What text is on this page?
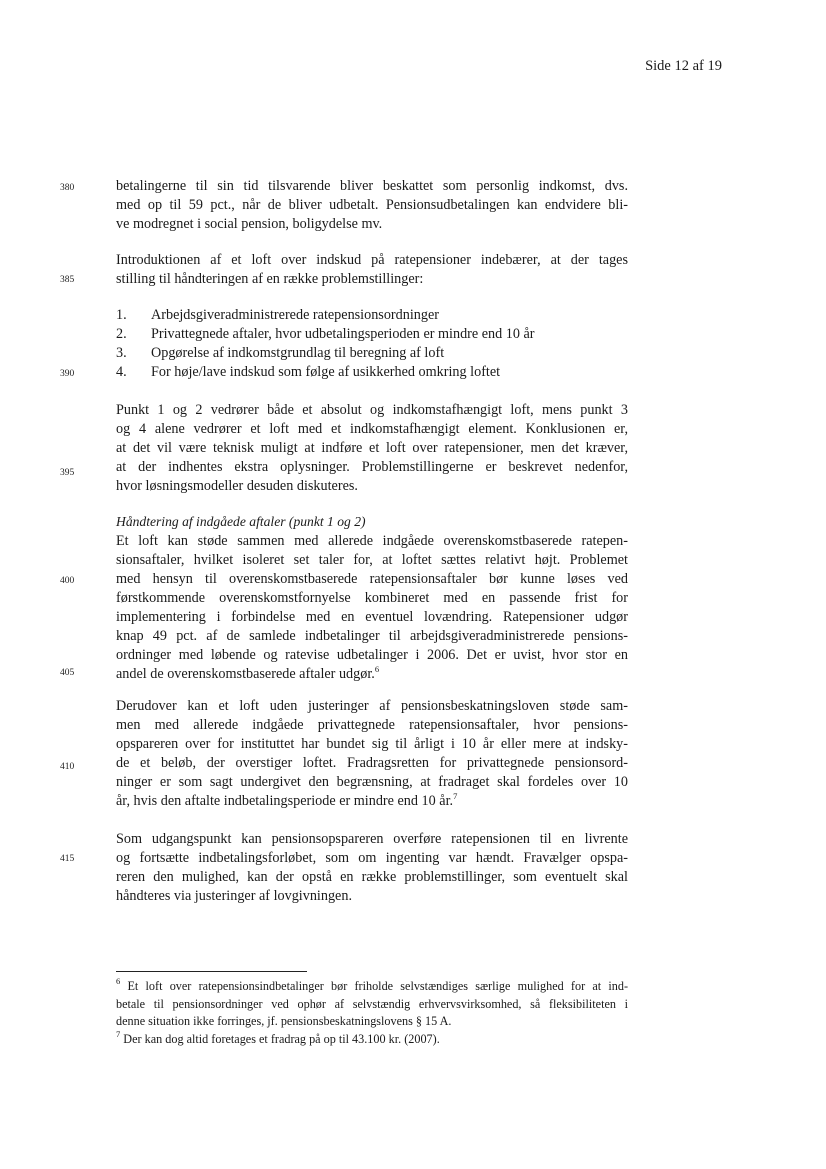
Side 12 af 19
380
385
390
395
400
405
410
415
betalingerne til sin tid tilsvarende bliver beskattet som personlig indkomst, dvs.
med op til 59 pct., når de bliver udbetalt. Pensionsudbetalingen kan endvidere bli-
ve modregnet i social pension, boligydelse mv.
Introduktionen af et loft over indskud på ratepensioner indebærer, at der tages
stilling til håndteringen af en række problemstillinger:
1. Arbejdsgiveradministrerede ratepensionsordninger
2. Privattegnede aftaler, hvor udbetalingsperioden er mindre end 10 år
3. Opgørelse af indkomstgrundlag til beregning af loft
4. For høje/lave indskud som følge af usikkerhed omkring loftet
Punkt 1 og 2 vedrører både et absolut og indkomstafhængigt loft, mens punkt 3
og 4 alene vedrører et loft med et indkomstafhængigt element. Konklusionen er,
at det vil være teknisk muligt at indføre et loft over ratepensioner, men det kræver,
at der indhentes ekstra oplysninger. Problemstillingerne er beskrevet nedenfor,
hvor løsningsmodeller desuden diskuteres.
Håndtering af indgåede aftaler (punkt 1 og 2)
Et loft kan støde sammen med allerede indgåede overenskomstbaserede ratepen-
sionsaftaler, hvilket isoleret set taler for, at loftet sættes relativt højt. Problemet
med hensyn til overenskomstbaserede ratepensionsaftaler bør kunne løses ved
førstkommende overenskomstfornyelse kombineret med en passende frist for
implementering i forbindelse med en eventuel lovændring. Ratepensioner udgør
knap 49 pct. af de samlede indbetalinger til arbejdsgiveradministrerede pensions-
ordninger med løbende og ratevise udbetalinger i 2006. Det er uvist, hvor stor en
andel de overenskomstbaserede aftaler udgør.$^6$
Derudover kan et loft uden justeringer af pensionsbeskatningsloven støde sam-
men med allerede indgåede privattegnede ratepensionsaftaler, hvor pensions-
opspareren over for instituttet har bundet sig til årligt i 10 år eller mere at indsky-
de et beløb, der overstiger loftet. Fradragsretten for privattegnede pensionsord-
ninger er som sagt undergivet den begrænsning, at fradraget skal fordeles over 10
år, hvis den aftalte indbetalingsperiode er mindre end 10 år.$^7$
Som udgangspunkt kan pensionsopspareren overføre ratepensionen til en livrente
og fortsætte indbetalingsforløbet, som om ingenting var hændt. Fravælger opspa-
reren den mulighed, kan der opstå en række problemstillinger, som eventuelt skal
håndteres via justeringer af lovgivningen.
$^6$ Et loft over ratepensionsindbetalinger bør friholde selvstændiges særlige mulighed for at ind-
betale til pensionsordninger ved ophør af selvstændig erhvervsvirksomhed, så fleksibiliteten i
denne situation ikke forringes, jf. pensionsbeskatningslovens § 15 A.
$^7$ Der kan dog altid foretages et fradrag på op til 43.100 kr. (2007).
